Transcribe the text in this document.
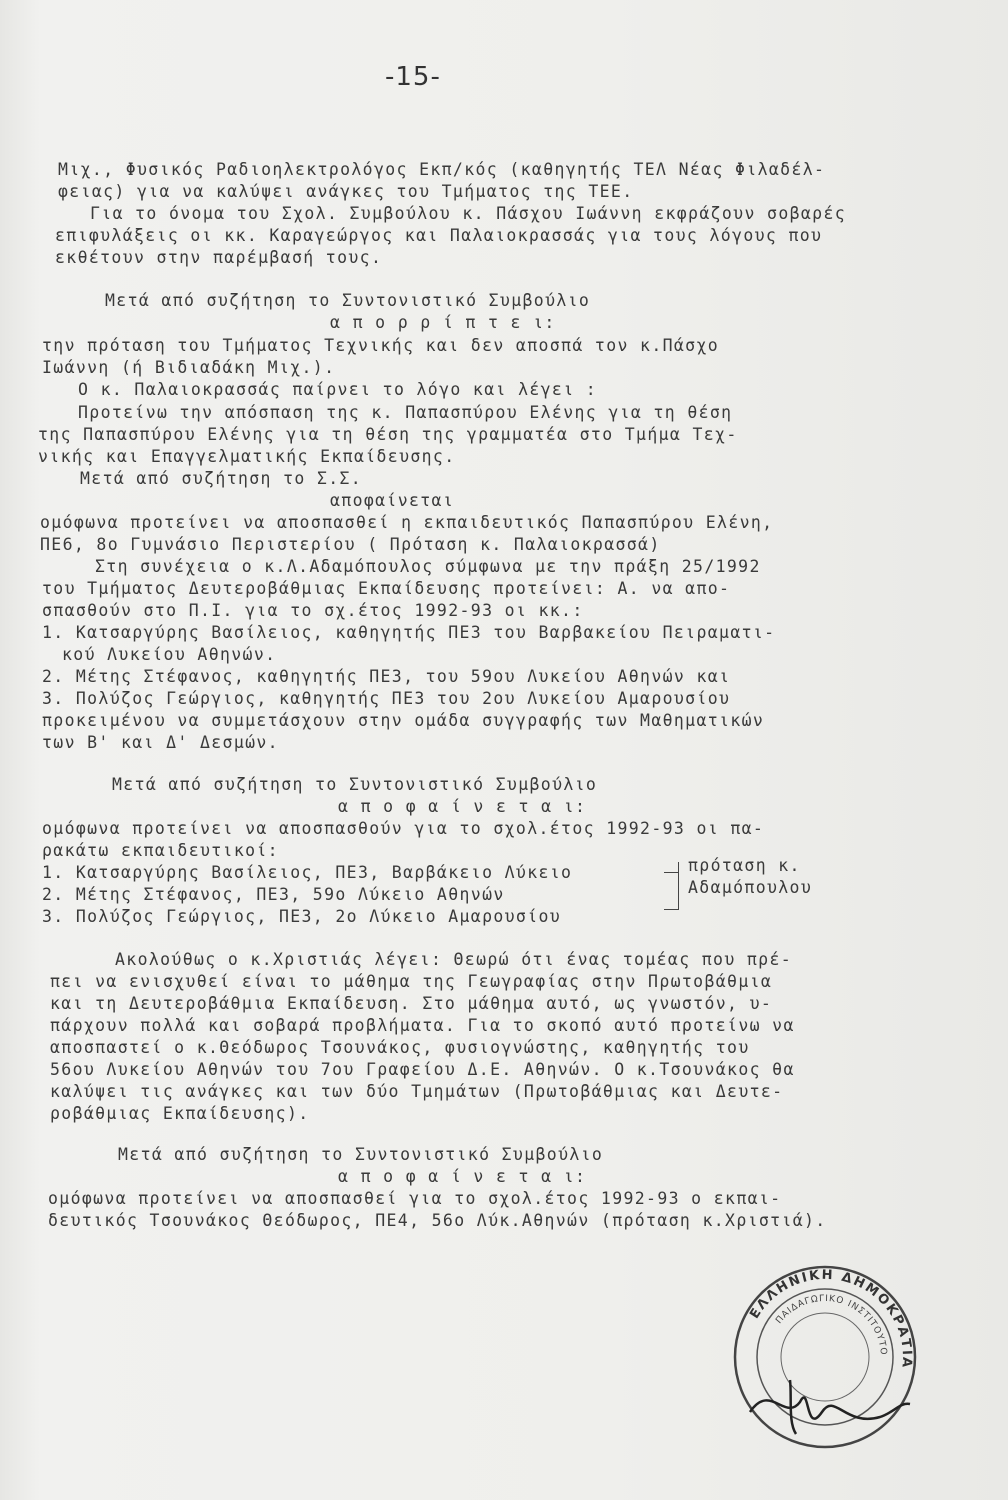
-15-
Μιχ., Φυσικός Ραδιοηλεκτρολόγος Εκπ/κός (καθηγητής ΤΕΛ Νέας Φιλαδέλ-
φειας) για να καλύψει ανάγκες του Τμήματος της ΤΕΕ.
Για το όνομα του Σχολ. Συμβούλου κ. Πάσχου Ιωάννη εκφράζουν σοβαρές
επιφυλάξεις οι κκ. Καραγεώργος και Παλαιοκρασσάς για τους λόγους που
εκθέτουν στην παρέμβασή τους.
Μετά από συζήτηση το Συντονιστικό Συμβούλιο
α π ο ρ ρ ί π τ ε ι:
την πρόταση του Τμήματος Τεχνικής και δεν αποσπά τον κ.Πάσχο
Ιωάννη (ή Βιδιαδάκη Μιχ.).
Ο κ. Παλαιοκρασσάς παίρνει το λόγο και λέγει :
Προτείνω την απόσπαση της κ. Παπασπύρου Ελένης για τη θέση
της Παπασπύρου Ελένης για τη θέση της γραμματέα στο Τμήμα Τεχ-
νικής και Επαγγελματικής Εκπαίδευσης.
Μετά από συζήτηση το Σ.Σ.
αποφαίνεται
ομόφωνα προτείνει να αποσπασθεί η εκπαιδευτικός Παπασπύρου Ελένη,
ΠΕ6, 8ο Γυμνάσιο Περιστερίου ( Πρόταση κ. Παλαιοκρασσά)
Στη συνέχεια ο κ.Λ.Αδαμόπουλος σύμφωνα με την πράξη 25/1992
του Τμήματος Δευτεροβάθμιας Εκπαίδευσης προτείνει: Α. να απο-
σπασθούν στο Π.Ι. για το σχ.έτος 1992-93 οι κκ.:
1. Κατσαργύρης Βασίλειος, καθηγητής ΠΕ3 του Βαρβακείου Πειραματι-
κού Λυκείου Αθηνών.
2. Μέτης Στέφανος, καθηγητής ΠΕ3, του 59ου Λυκείου Αθηνών και
3. Πολύζος Γεώργιος, καθηγητής ΠΕ3 του 2ου Λυκείου Αμαρουσίου
προκειμένου να συμμετάσχουν στην ομάδα συγγραφής των Μαθηματικών
των Β' και Δ' Δεσμών.
Μετά από συζήτηση το Συντονιστικό Συμβούλιο
α π ο φ α ί ν ε τ α ι:
ομόφωνα προτείνει να αποσπασθούν για το σχολ.έτος 1992-93 οι πα-
ρακάτω εκπαιδευτικοί:
1. Κατσαργύρης Βασίλειος, ΠΕ3, Βαρβάκειο Λύκειο
2. Μέτης Στέφανος, ΠΕ3, 59ο Λύκειο Αθηνών
3. Πολύζος Γεώργιος, ΠΕ3, 2ο Λύκειο Αμαρουσίου
πρόταση κ.
Αδαμόπουλου
Ακολούθως ο κ.Χριστιάς λέγει: Θεωρώ ότι ένας τομέας που πρέ-
πει να ενισχυθεί είναι το μάθημα της Γεωγραφίας στην Πρωτοβάθμια
και τη Δευτεροβάθμια Εκπαίδευση. Στο μάθημα αυτό, ως γνωστόν, υ-
πάρχουν πολλά και σοβαρά προβλήματα. Για το σκοπό αυτό προτείνω να
αποσπαστεί ο κ.Θεόδωρος Τσουνάκος, φυσιογνώστης, καθηγητής του
56ου Λυκείου Αθηνών του 7ου Γραφείου Δ.Ε. Αθηνών. Ο κ.Τσουνάκος θα
καλύψει τις ανάγκες και των δύο Τμημάτων (Πρωτοβάθμιας και Δευτε-
ροβάθμιας Εκπαίδευσης).
Μετά από συζήτηση το Συντονιστικό Συμβούλιο
α π ο φ α ί ν ε τ α ι:
ομόφωνα προτείνει να αποσπασθεί για το σχολ.έτος 1992-93 ο εκπαι-
δευτικός Τσουνάκος Θεόδωρος, ΠΕ4, 56ο Λύκ.Αθηνών (πρόταση κ.Χριστιά).
ΕΛΛΗΝΙΚΗ ΔΗΜΟΚΡΑΤΙΑ
ΠΑΙΔΑΓΩΓΙΚΟ ΙΝΣΤΙΤΟΥΤΟ
